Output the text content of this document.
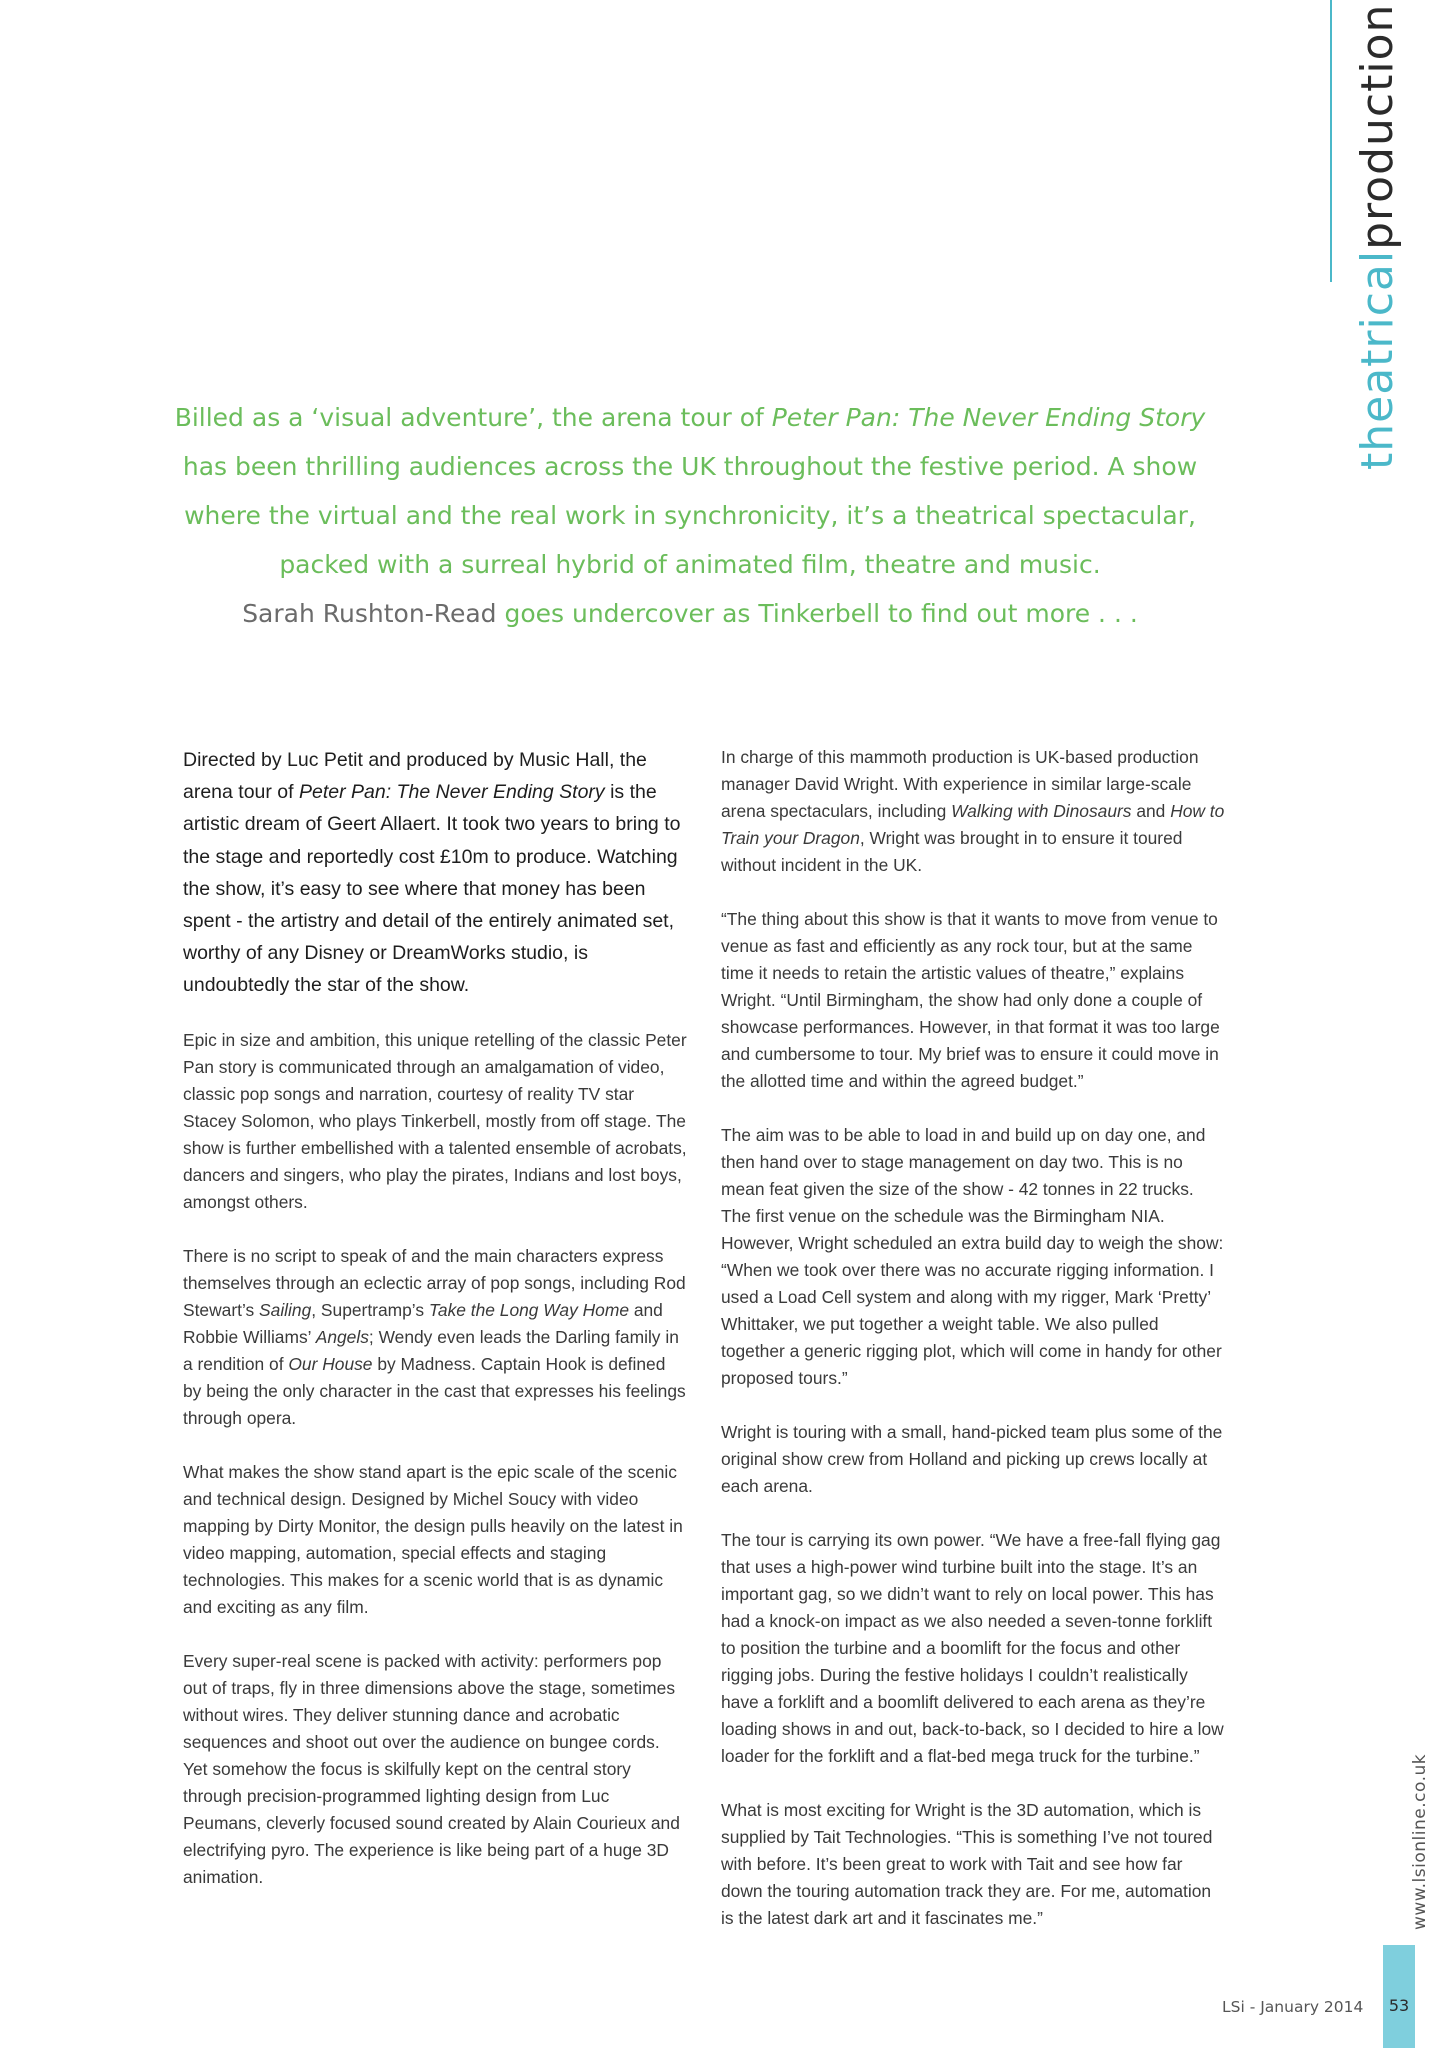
theatricalproduction
Billed as a ‘visual adventure’, the arena tour of Peter Pan: The Never Ending Story
has been thrilling audiences across the UK throughout the festive period. A show
where the virtual and the real work in synchronicity, it’s a theatrical spectacular,
packed with a surreal hybrid of animated film, theatre and music.
Sarah Rushton-Read goes undercover as Tinkerbell to find out more . . .

Directed by Luc Petit and produced by Music Hall, the arena tour of Peter Pan: The Never Ending Story is the artistic dream of Geert Allaert. It took two years to bring to the stage and reportedly cost £10m to produce. Watching the show, it’s easy to see where that money has been spent - the artistry and detail of the entirely animated set, worthy of any Disney or DreamWorks studio, is undoubtedly the star of the show.

Epic in size and ambition, this unique retelling of the classic Peter Pan story is communicated through an amalgamation of video, classic pop songs and narration, courtesy of reality TV star Stacey Solomon, who plays Tinkerbell, mostly from off stage. The show is further embellished with a talented ensemble of acrobats, dancers and singers, who play the pirates, Indians and lost boys, amongst others.

There is no script to speak of and the main characters express themselves through an eclectic array of pop songs, including Rod Stewart’s Sailing, Supertramp’s Take the Long Way Home and Robbie Williams’ Angels; Wendy even leads the Darling family in a rendition of Our House by Madness. Captain Hook is defined by being the only character in the cast that expresses his feelings through opera.

What makes the show stand apart is the epic scale of the scenic and technical design. Designed by Michel Soucy with video mapping by Dirty Monitor, the design pulls heavily on the latest in video mapping, automation, special effects and staging technologies. This makes for a scenic world that is as dynamic and exciting as any film.

Every super-real scene is packed with activity: performers pop out of traps, fly in three dimensions above the stage, sometimes without wires. They deliver stunning dance and acrobatic sequences and shoot out over the audience on bungee cords. Yet somehow the focus is skilfully kept on the central story through precision-programmed lighting design from Luc Peumans, cleverly focused sound created by Alain Courieux and electrifying pyro. The experience is like being part of a huge 3D animation.

In charge of this mammoth production is UK-based production manager David Wright. With experience in similar large-scale arena spectaculars, including Walking with Dinosaurs and How to Train your Dragon, Wright was brought in to ensure it toured without incident in the UK.

“The thing about this show is that it wants to move from venue to venue as fast and efficiently as any rock tour, but at the same time it needs to retain the artistic values of theatre,” explains Wright. “Until Birmingham, the show had only done a couple of showcase performances. However, in that format it was too large and cumbersome to tour. My brief was to ensure it could move in the allotted time and within the agreed budget.”

The aim was to be able to load in and build up on day one, and then hand over to stage management on day two. This is no mean feat given the size of the show - 42 tonnes in 22 trucks. The first venue on the schedule was the Birmingham NIA. However, Wright scheduled an extra build day to weigh the show: “When we took over there was no accurate rigging information. I used a Load Cell system and along with my rigger, Mark ‘Pretty’ Whittaker, we put together a weight table. We also pulled together a generic rigging plot, which will come in handy for other proposed tours.”

Wright is touring with a small, hand-picked team plus some of the original show crew from Holland and picking up crews locally at each arena.

The tour is carrying its own power. “We have a free-fall flying gag that uses a high-power wind turbine built into the stage. It’s an important gag, so we didn’t want to rely on local power. This has had a knock-on impact as we also needed a seven-tonne forklift to position the turbine and a boomlift for the focus and other rigging jobs. During the festive holidays I couldn’t realistically have a forklift and a boomlift delivered to each arena as they’re loading shows in and out, back-to-back, so I decided to hire a low loader for the forklift and a flat-bed mega truck for the turbine.”

What is most exciting for Wright is the 3D automation, which is supplied by Tait Technologies. “This is something I’ve not toured with before. It’s been great to work with Tait and see how far down the touring automation track they are. For me, automation is the latest dark art and it fascinates me.”	www.lsionline.co.uk
LSi - January 2014	53
